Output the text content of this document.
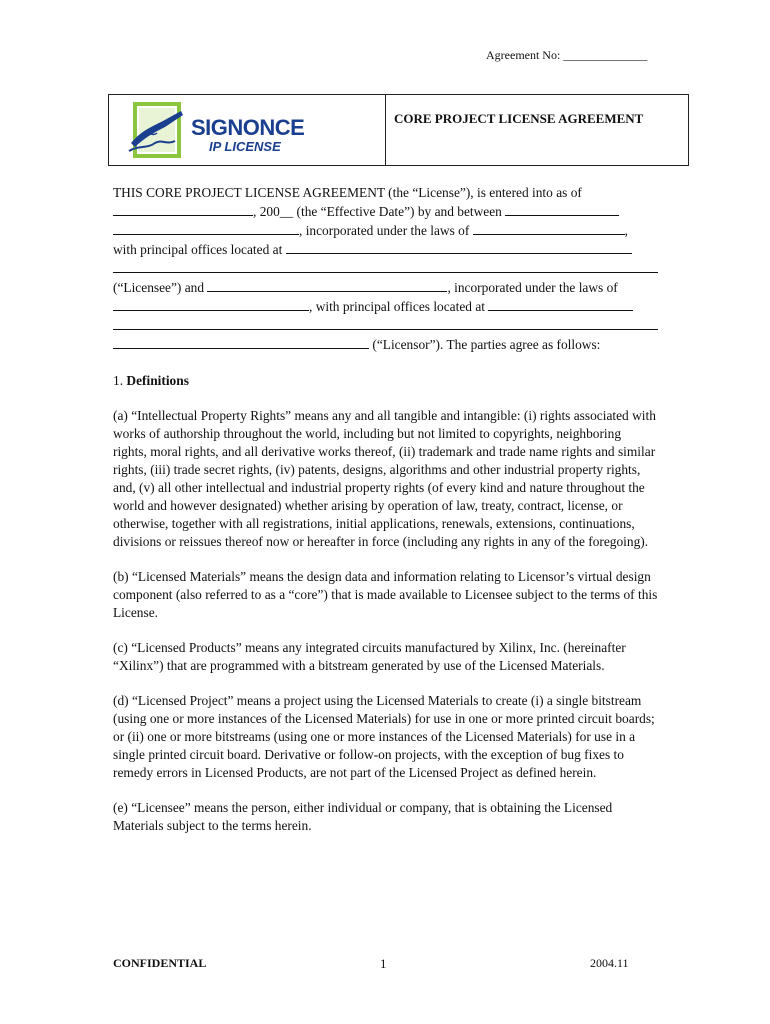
Agreement No: ______________
SIGNONCE
IP LICENSE
CORE PROJECT LICENSE AGREEMENT

THIS CORE PROJECT LICENSE AGREEMENT (the “License”), is entered into as of

, 200__ (the “Effective Date”) by and between

, incorporated under the laws of	,

with principal offices located at

(“Licensee”) and	, incorporated under the laws of

, with principal offices located at

(“Licensor”). The parties agree as follows:

1. Definitions

(a) “Intellectual Property Rights” means any and all tangible and intangible: (i) rights associated with works of authorship throughout the world, including but not limited to copyrights, neighboring rights, moral rights, and all derivative works thereof, (ii) trademark and trade name rights and similar rights, (iii) trade secret rights, (iv) patents, designs, algorithms and other industrial property rights, and, (v) all other intellectual and industrial property rights (of every kind and nature throughout the world and however designated) whether arising by operation of law, treaty, contract, license, or otherwise, together with all registrations, initial applications, renewals, extensions, continuations, divisions or reissues thereof now or hereafter in force (including any rights in any of the foregoing).

(b) “Licensed Materials” means the design data and information relating to Licensor’s virtual design component (also referred to as a “core”) that is made available to Licensee subject to the terms of this License.

(c) “Licensed Products” means any integrated circuits manufactured by Xilinx, Inc. (hereinafter “Xilinx”) that are programmed with a bitstream generated by use of the Licensed Materials.

(d) “Licensed Project” means a project using the Licensed Materials to create (i) a single bitstream (using one or more instances of the Licensed Materials) for use in one or more printed circuit boards; or (ii) one or more bitstreams (using one or more instances of the Licensed Materials) for use in a single printed circuit board. Derivative or follow-on projects, with the exception of bug fixes to remedy errors in Licensed Products, are not part of the Licensed Project as defined herein.

(e) “Licensee” means the person, either individual or company, that is obtaining the Licensed Materials subject to the terms herein.

CONFIDENTIAL	1	2004.11
